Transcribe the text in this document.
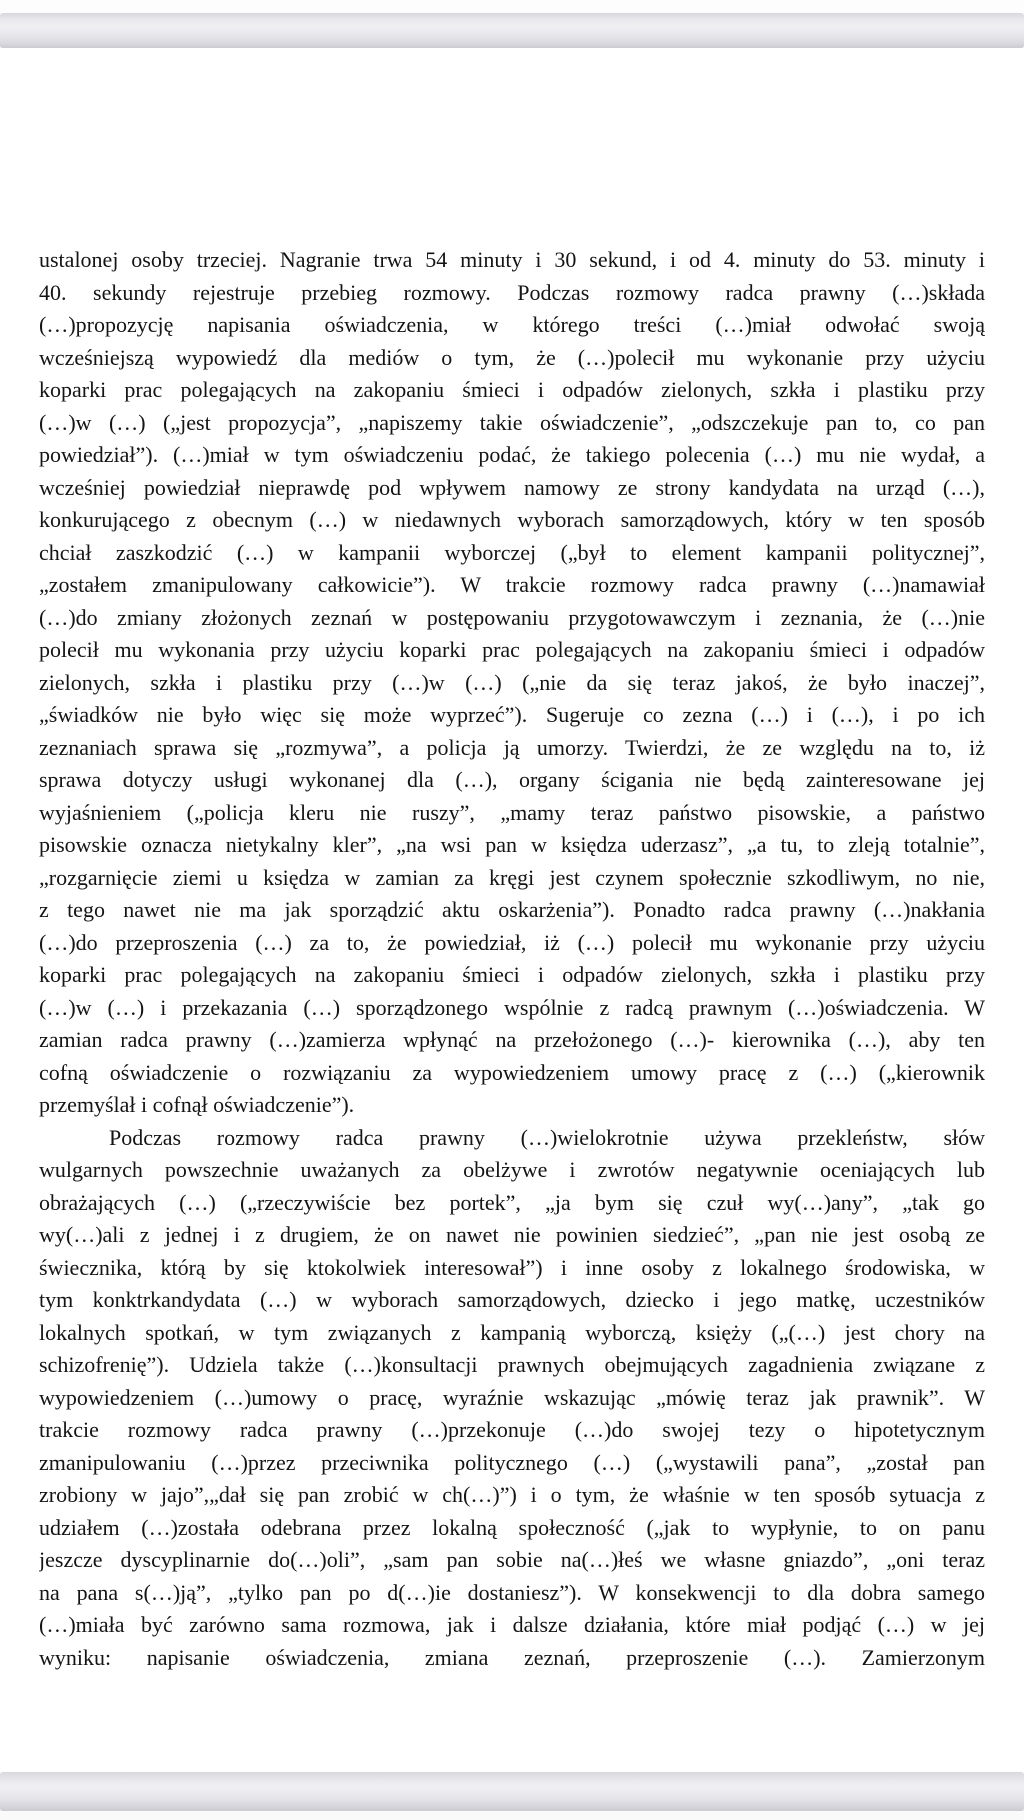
ustalonej osoby trzeciej. Nagranie trwa 54 minuty i 30 sekund, i od 4. minuty do 53. minuty i
40. sekundy rejestruje przebieg rozmowy. Podczas rozmowy radca prawny (…)składa
(…)propozycję napisania oświadczenia, w którego treści (…)miał odwołać swoją
wcześniejszą wypowiedź dla mediów o tym, że (…)polecił mu wykonanie przy użyciu
koparki prac polegających na zakopaniu śmieci i odpadów zielonych, szkła i plastiku przy
(…)w (…) („jest propozycja”, „napiszemy takie oświadczenie”, „odszczekuje pan to, co pan
powiedział”). (…)miał w tym oświadczeniu podać, że takiego polecenia (…) mu nie wydał, a
wcześniej powiedział nieprawdę pod wpływem namowy ze strony kandydata na urząd (…),
konkurującego z obecnym (…) w niedawnych wyborach samorządowych, który w ten sposób
chciał zaszkodzić (…) w kampanii wyborczej („był to element kampanii politycznej”,
„zostałem zmanipulowany całkowicie”). W trakcie rozmowy radca prawny (…)namawiał
(…)do zmiany złożonych zeznań w postępowaniu przygotowawczym i zeznania, że (…)nie
polecił mu wykonania przy użyciu koparki prac polegających na zakopaniu śmieci i odpadów
zielonych, szkła i plastiku przy (…)w (…) („nie da się teraz jakoś, że było inaczej”,
„świadków nie było więc się może wyprzeć”). Sugeruje co zezna (…) i (…), i po ich
zeznaniach sprawa się „rozmywa”, a policja ją umorzy. Twierdzi, że ze względu na to, iż
sprawa dotyczy usługi wykonanej dla (…), organy ścigania nie będą zainteresowane jej
wyjaśnieniem („policja kleru nie ruszy”, „mamy teraz państwo pisowskie, a państwo
pisowskie oznacza nietykalny kler”, „na wsi pan w księdza uderzasz”, „a tu, to zleją totalnie”,
„rozgarnięcie ziemi u księdza w zamian za kręgi jest czynem społecznie szkodliwym, no nie,
z tego nawet nie ma jak sporządzić aktu oskarżenia”). Ponadto radca prawny (…)nakłania
(…)do przeproszenia (…) za to, że powiedział, iż (…) polecił mu wykonanie przy użyciu
koparki prac polegających na zakopaniu śmieci i odpadów zielonych, szkła i plastiku przy
(…)w (…) i przekazania (…) sporządzonego wspólnie z radcą prawnym (…)oświadczenia. W
zamian radca prawny (…)zamierza wpłynąć na przełożonego (…)- kierownika (…), aby ten
cofną oświadczenie o rozwiązaniu za wypowiedzeniem umowy pracę z (…) („kierownik
przemyślał i cofnął oświadczenie”).
Podczas rozmowy radca prawny (…)wielokrotnie używa przekleństw, słów
wulgarnych powszechnie uważanych za obelżywe i zwrotów negatywnie oceniających lub
obrażających (…) („rzeczywiście bez portek”, „ja bym się czuł wy(…)any”, „tak go
wy(…)ali z jednej i z drugiem, że on nawet nie powinien siedzieć”, „pan nie jest osobą ze
świecznika, którą by się ktokolwiek interesował”) i inne osoby z lokalnego środowiska, w
tym konktrkandydata (…) w wyborach samorządowych, dziecko i jego matkę, uczestników
lokalnych spotkań, w tym związanych z kampanią wyborczą, księży („(…) jest chory na
schizofrenię”). Udziela także (…)konsultacji prawnych obejmujących zagadnienia związane z
wypowiedzeniem (…)umowy o pracę, wyraźnie wskazując „mówię teraz jak prawnik”. W
trakcie rozmowy radca prawny (…)przekonuje (…)do swojej tezy o hipotetycznym
zmanipulowaniu (…)przez przeciwnika politycznego (…) („wystawili pana”, „został pan
zrobiony w jajo”,„dał się pan zrobić w ch(…)”) i o tym, że właśnie w ten sposób sytuacja z
udziałem (…)została odebrana przez lokalną społeczność („jak to wypłynie, to on panu
jeszcze dyscyplinarnie do(…)oli”, „sam pan sobie na(…)łeś we własne gniazdo”, „oni teraz
na pana s(…)ją”, „tylko pan po d(…)ie dostaniesz”). W konsekwencji to dla dobra samego
(…)miała być zarówno sama rozmowa, jak i dalsze działania, które miał podjąć (…) w jej
wyniku: napisanie oświadczenia, zmiana zeznań, przeproszenie (…). Zamierzonym
